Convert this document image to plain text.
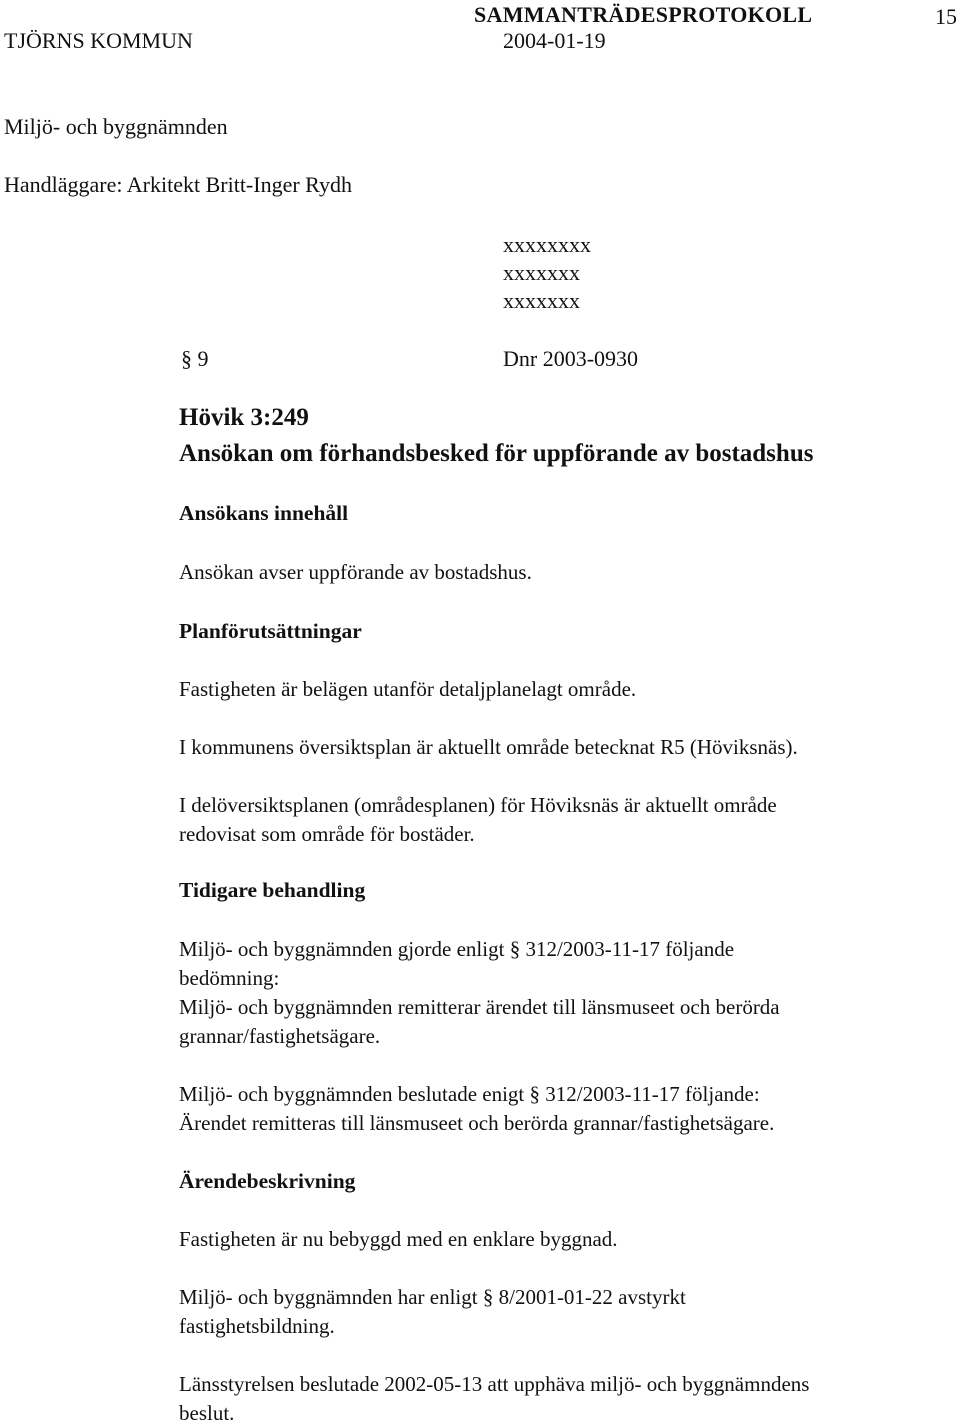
SAMMANTRÄDESPROTOKOLL	15
TJÖRNS KOMMUN	2004-01-19
Miljö- och byggnämnden
Handläggare: Arkitekt Britt-Inger Rydh
xxxxxxxx
xxxxxxx
xxxxxxx
§ 9	Dnr 2003-0930
Hövik 3:249
Ansökan om förhandsbesked för uppförande av bostadshus
Ansökans innehåll
Ansökan avser uppförande av bostadshus.
Planförutsättningar
Fastigheten är belägen utanför detaljplanelagt område.
I kommunens översiktsplan är aktuellt område betecknat R5 (Höviksnäs).
I delöversiktsplanen (områdesplanen) för Höviksnäs är aktuellt område
redovisat som område för bostäder.
Tidigare behandling
Miljö- och byggnämnden gjorde enligt § 312/2003-11-17 följande
bedömning:
Miljö- och byggnämnden remitterar ärendet till länsmuseet och berörda
grannar/fastighetsägare.
Miljö- och byggnämnden beslutade enigt § 312/2003-11-17 följande:
Ärendet remitteras till länsmuseet och berörda grannar/fastighetsägare.
Ärendebeskrivning
Fastigheten är nu bebyggd med en enklare byggnad.
Miljö- och byggnämnden har enligt § 8/2001-01-22 avstyrkt
fastighetsbildning.
Länsstyrelsen beslutade 2002-05-13 att upphäva miljö- och byggnämndens
beslut.
